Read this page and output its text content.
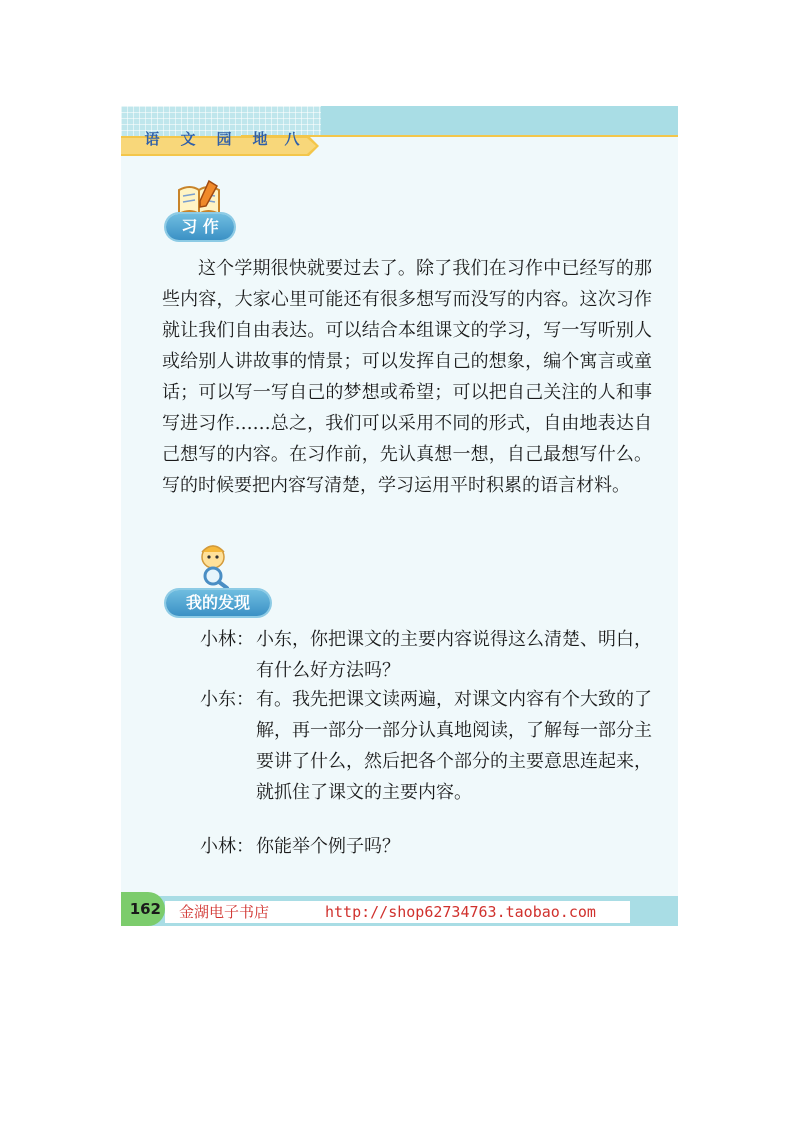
语 文 园 地 八
习 作

这个学期很快就要过去了。除了我们在习作中已经写的那些内容，大家心里可能还有很多想写而没写的内容。这次习作就让我们自由表达。可以结合本组课文的学习，写一写听别人或给别人讲故事的情景；可以发挥自己的想象，编个寓言或童话；可以写一写自己的梦想或希望；可以把自己关注的人和事写进习作……总之，我们可以采用不同的形式，自由地表达自己想写的内容。在习作前，先认真想一想，自己最想写什么。写的时候要把内容写清楚，学习运用平时积累的语言材料。

我的发现
小林： 小东，你把课文的主要内容说得这么清楚、明白，有什么好方法吗？
小东： 有。我先把课文读两遍，对课文内容有个大致的了解，再一部分一部分认真地阅读，了解每一部分主要讲了什么，然后把各个部分的主要意思连起来，就抓住了课文的主要内容。
小林： 你能举个例子吗？
162 金湖电子书店	http://shop62734763.taobao.com
